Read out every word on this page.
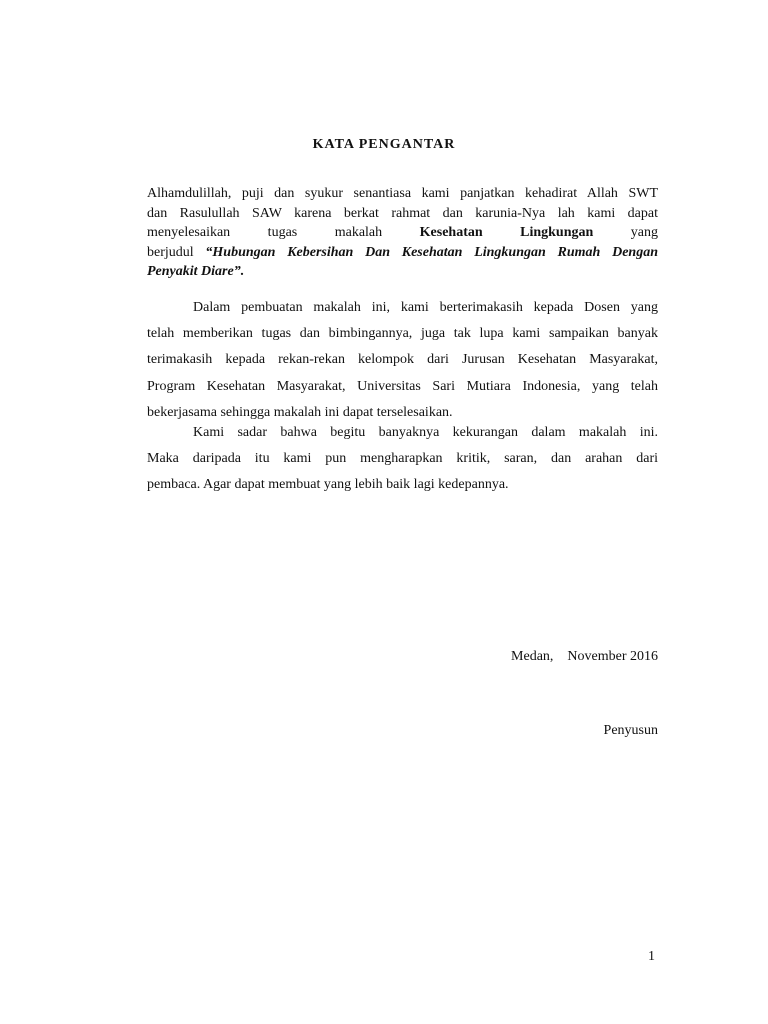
KATA PENGANTAR
Alhamdulillah, puji dan syukur senantiasa kami panjatkan kehadirat Allah SWT
dan Rasulullah SAW karena berkat rahmat dan karunia-Nya lah kami dapat
menyelesaikan tugas makalah	Kesehatan Lingkungan	yang
berjudul “Hubungan Kebersihan Dan Kesehatan Lingkungan Rumah Dengan
Penyakit Diare”.
Dalam pembuatan makalah ini, kami berterimakasih kepada Dosen yang
telah memberikan tugas dan bimbingannya, juga tak lupa kami sampaikan banyak
terimakasih kepada rekan-rekan kelompok dari Jurusan Kesehatan Masyarakat,
Program Kesehatan Masyarakat, Universitas Sari Mutiara Indonesia, yang telah
bekerjasama sehingga makalah ini dapat terselesaikan.
Kami sadar bahwa begitu banyaknya kekurangan dalam makalah ini.
Maka daripada itu kami pun mengharapkan kritik, saran, dan arahan dari
pembaca. Agar dapat membuat yang lebih baik lagi kedepannya.
Medan,    November 2016
Penyusun
1
